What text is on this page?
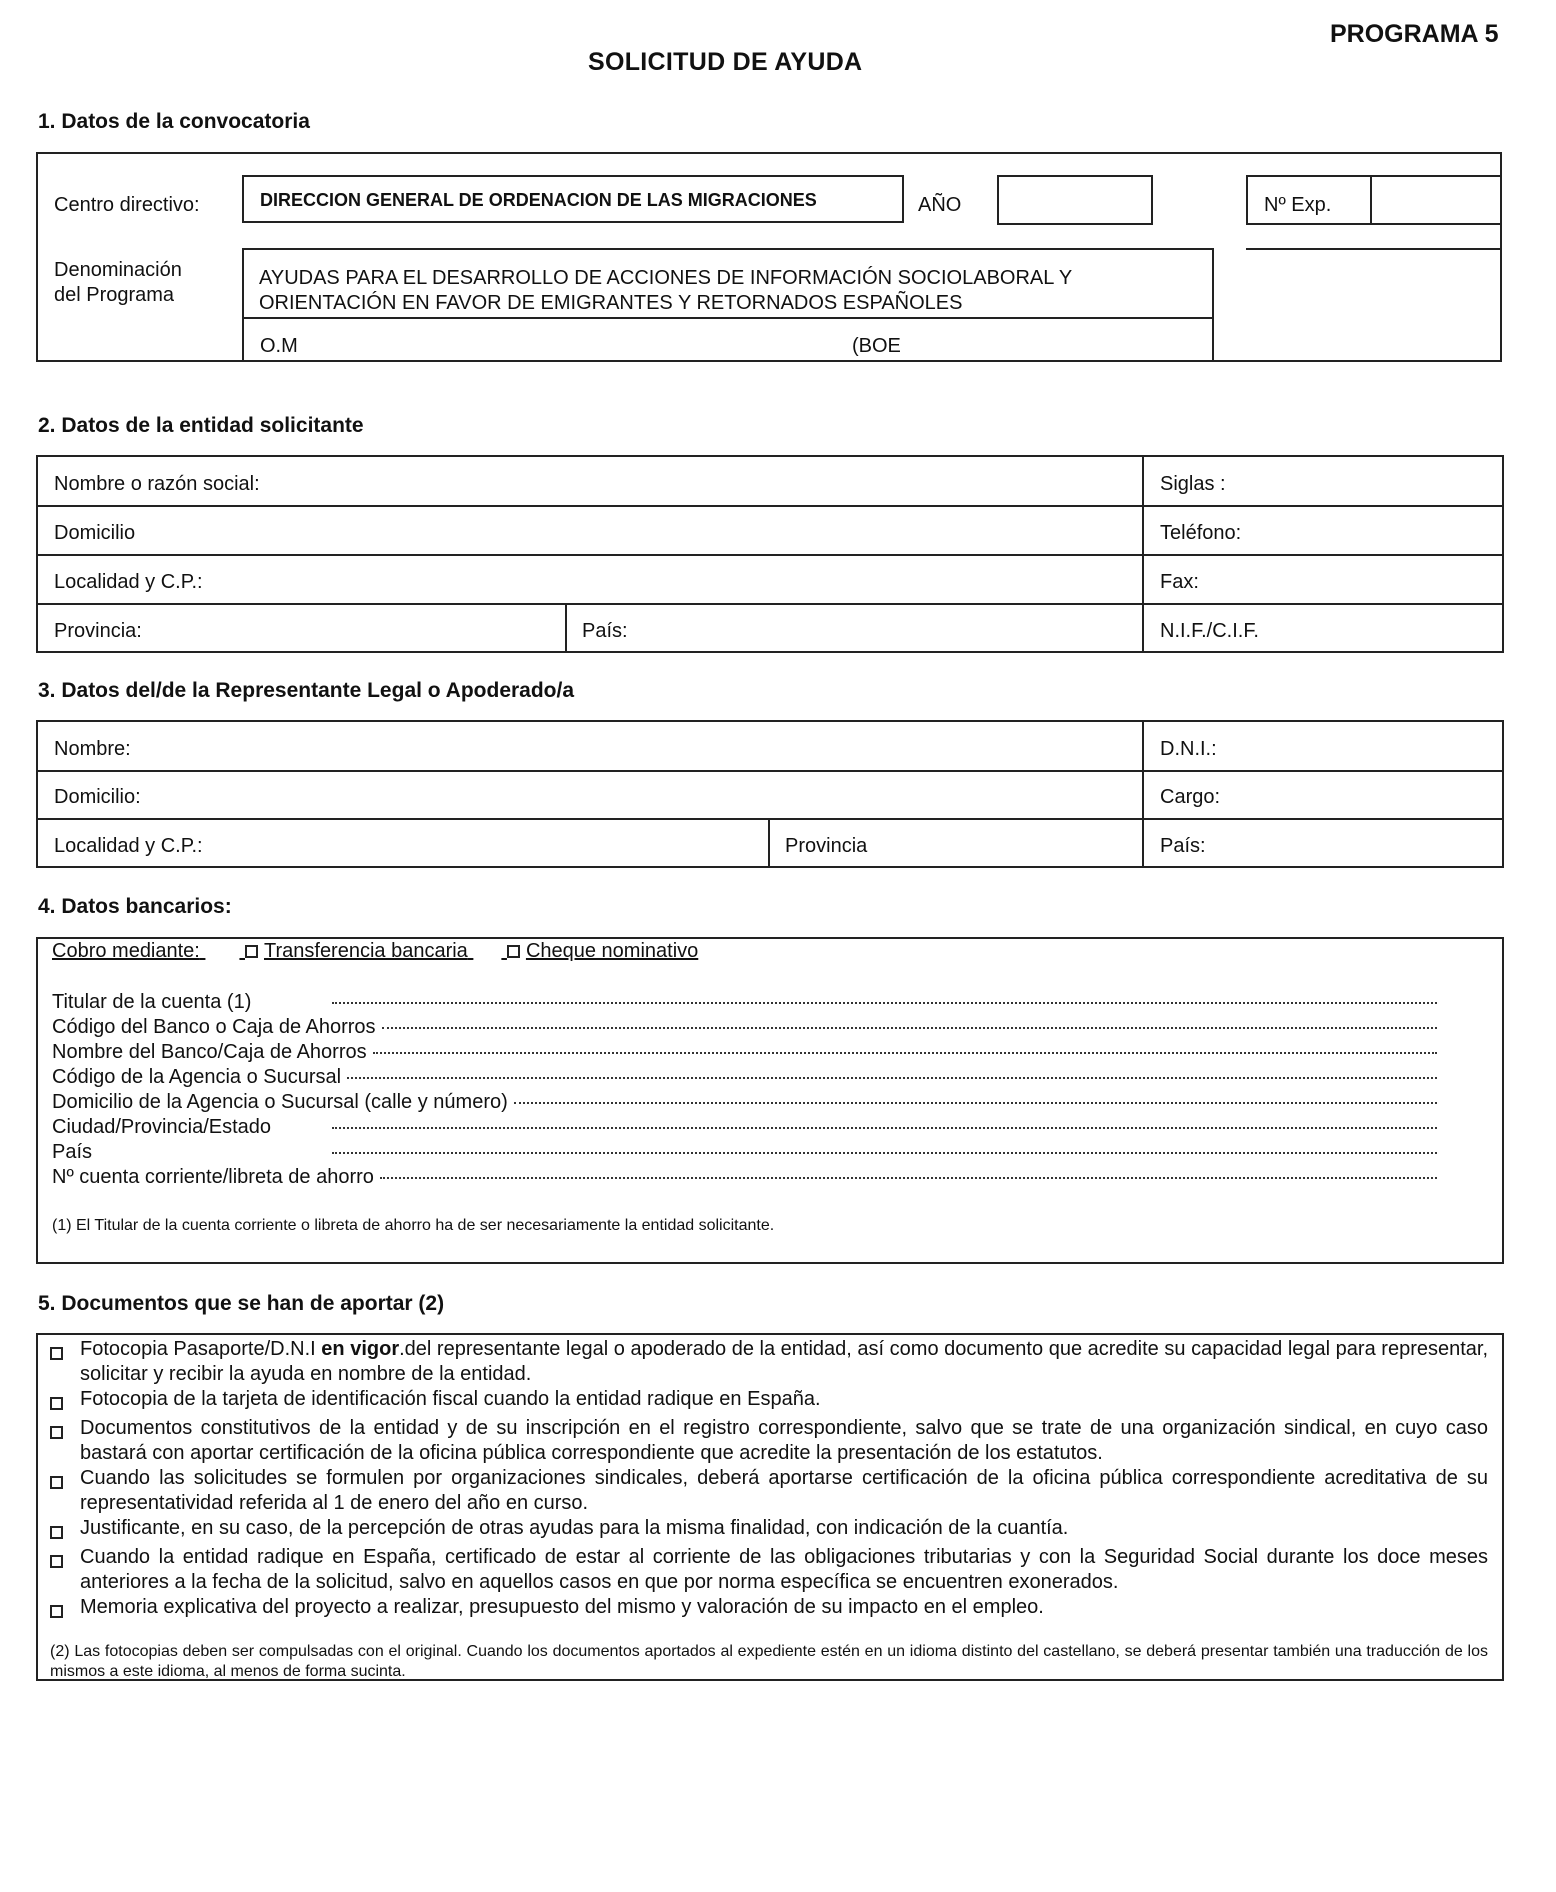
SOLICITUD DE AYUDA
PROGRAMA 5
1. Datos de la convocatoria
Centro directivo:	DIRECCION GENERAL DE ORDENACION DE LAS MIGRACIONES	AÑO	Nº Exp.
Denominación
del Programa
AYUDAS PARA EL DESARROLLO DE ACCIONES DE INFORMACIÓN SOCIOLABORAL Y
ORIENTACIÓN EN FAVOR DE EMIGRANTES Y RETORNADOS ESPAÑOLES
O.M	(BOE
2. Datos de la entidad solicitante
Nombre o razón social:	Siglas :
Domicilio	Teléfono:
Localidad y C.P.:	Fax:
Provincia:	País:	N.I.F./C.I.F.
3. Datos del/de la Representante Legal o Apoderado/a
Nombre:	D.N.I.:
Domicilio:	Cargo:
Localidad y C.P.:	Provincia	País:
4. Datos bancarios:
Cobro mediante:	Transferencia bancaria	Cheque nominativo
Titular de la cuenta (1)
Código del Banco o Caja de Ahorros
Nombre del Banco/Caja de Ahorros
Código de la Agencia o Sucursal
Domicilio de la Agencia o Sucursal (calle y número)
Ciudad/Provincia/Estado
País
Nº cuenta corriente/libreta de ahorro
(1) El Titular de la cuenta corriente o libreta de ahorro ha de ser necesariamente la entidad solicitante.
5. Documentos que se han de aportar (2)
Fotocopia Pasaporte/D.N.I en vigor.del representante legal o apoderado de la entidad, así como documento que acredite su capacidad legal para representar, solicitar y recibir la ayuda en nombre de la entidad.
Fotocopia de la tarjeta de identificación fiscal cuando la entidad radique en España.
Documentos constitutivos de la entidad y de su inscripción en el registro correspondiente, salvo que se trate de una organización sindical, en cuyo caso bastará con aportar certificación de la oficina pública correspondiente que acredite la presentación de los estatutos.
Cuando las solicitudes se formulen por organizaciones sindicales, deberá aportarse certificación de la oficina pública correspondiente acreditativa de su representatividad referida al 1 de enero del año en curso.
Justificante, en su caso, de la percepción de otras ayudas para la misma finalidad, con indicación de la cuantía.
Cuando la entidad radique en España, certificado de estar al corriente de las obligaciones tributarias y con la Seguridad Social durante los doce meses anteriores a la fecha de la solicitud, salvo en aquellos casos en que por norma específica se encuentren exonerados.
Memoria explicativa del proyecto a realizar, presupuesto del mismo y valoración de su impacto en el empleo.
(2) Las fotocopias deben ser compulsadas con el original. Cuando los documentos aportados al expediente estén en un idioma distinto del castellano, se deberá presentar también una traducción de los mismos a este idioma, al menos de forma sucinta.
